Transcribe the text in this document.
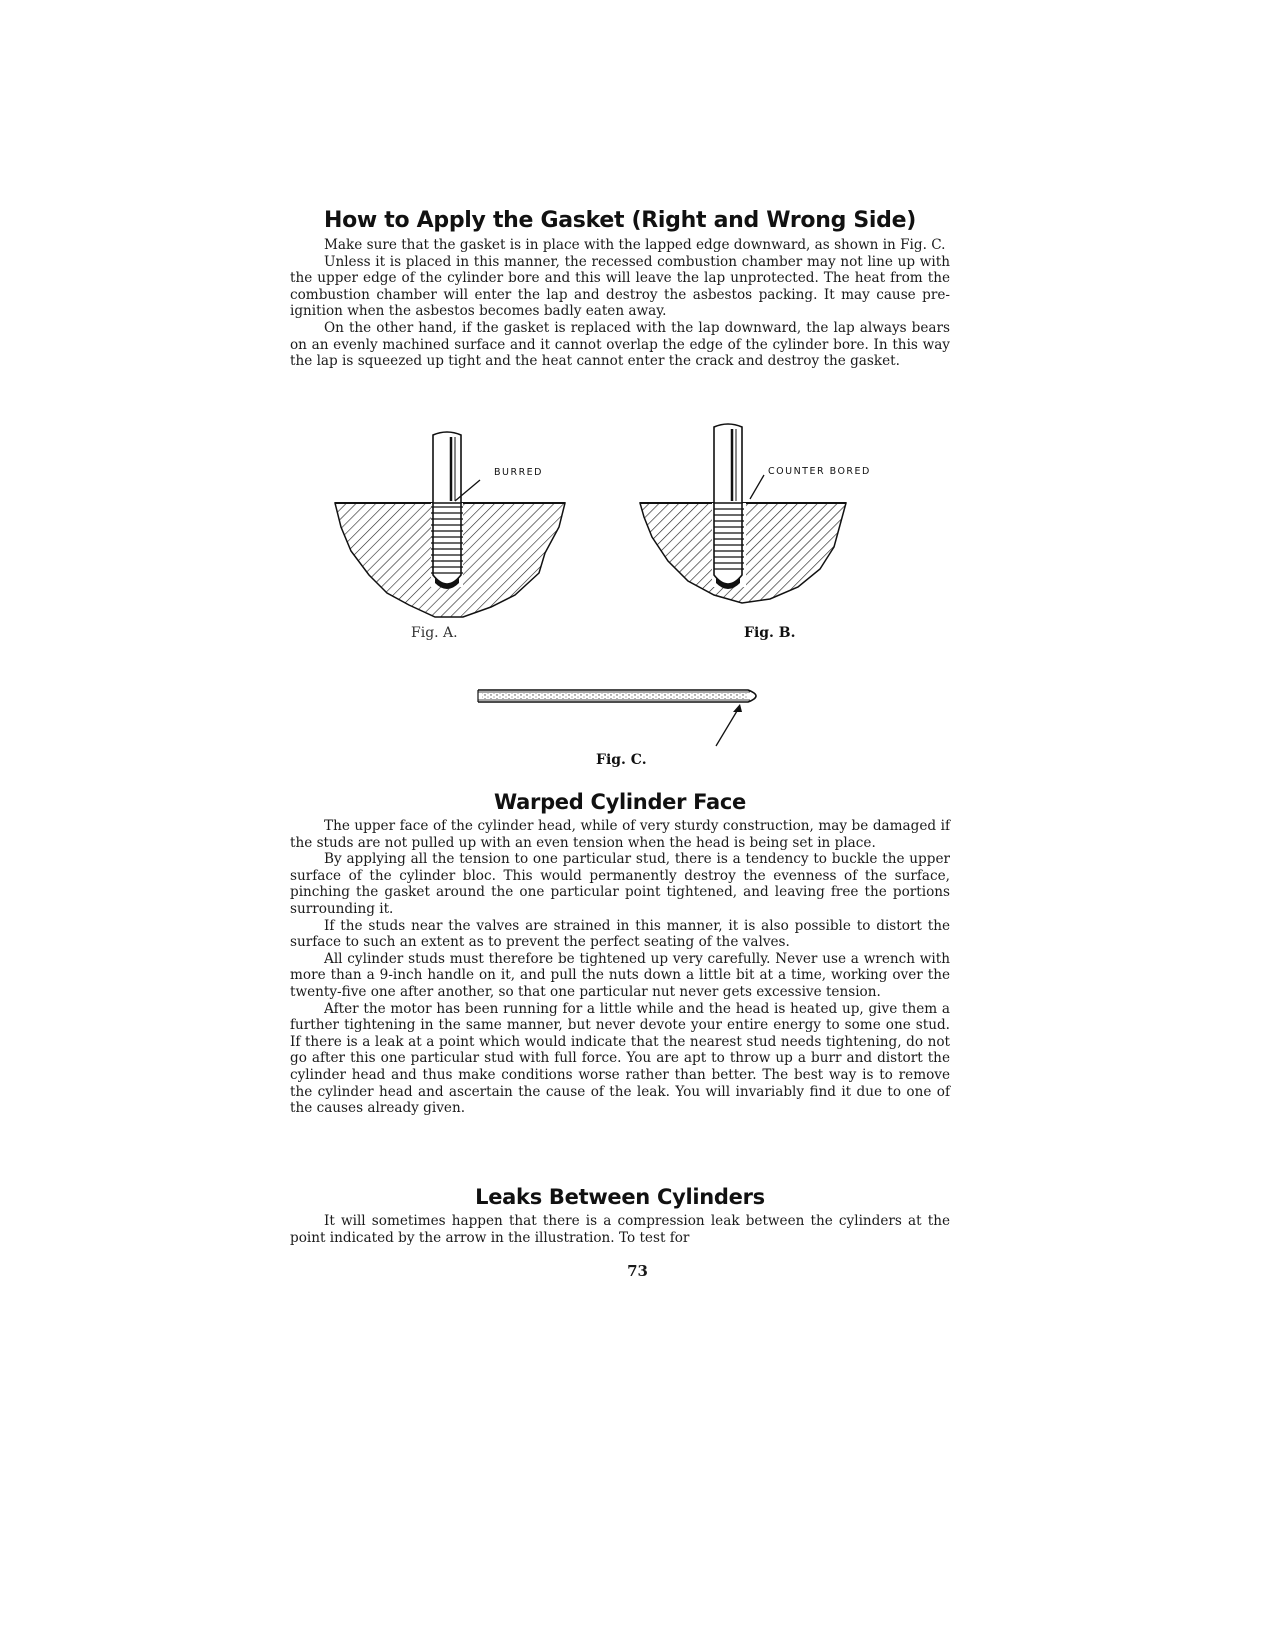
How to Apply the Gasket (Right and Wrong Side)

Make sure that the gasket is in place with the lapped edge downward, as shown in Fig. C.

Unless it is placed in this manner, the recessed combustion chamber may not line up with the upper edge of the cylinder bore and this will leave the lap unprotected. The heat from the combustion chamber will enter the lap and destroy the asbestos packing. It may cause pre-ignition when the asbestos becomes badly eaten away.

On the other hand, if the gasket is replaced with the lap downward, the lap always bears on an evenly machined surface and it cannot overlap the edge of the cylinder bore. In this way the lap is squeezed up tight and the heat cannot enter the crack and destroy the gasket.

BURRED
Fig. A.
COUNTER BORED
Fig. B.
Fig. C.
Warped Cylinder Face

The upper face of the cylinder head, while of very sturdy construction, may be damaged if the studs are not pulled up with an even tension when the head is being set in place.

By applying all the tension to one particular stud, there is a tendency to buckle the upper surface of the cylinder bloc. This would permanently destroy the evenness of the surface, pinching the gasket around the one particular point tightened, and leaving free the portions surrounding it.

If the studs near the valves are strained in this manner, it is also possible to distort the surface to such an extent as to prevent the perfect seating of the valves.

All cylinder studs must therefore be tightened up very carefully. Never use a wrench with more than a 9-inch handle on it, and pull the nuts down a little bit at a time, working over the twenty-five one after another, so that one particular nut never gets excessive tension.

After the motor has been running for a little while and the head is heated up, give them a further tightening in the same manner, but never devote your entire energy to some one stud. If there is a leak at a point which would indicate that the nearest stud needs tightening, do not go after this one particular stud with full force. You are apt to throw up a burr and distort the cylinder head and thus make conditions worse rather than better. The best way is to remove the cylinder head and ascertain the cause of the leak. You will invariably find it due to one of the causes already given.

Leaks Between Cylinders

It will sometimes happen that there is a compression leak between the cylinders at the point indicated by the arrow in the illustration. To test for

73
